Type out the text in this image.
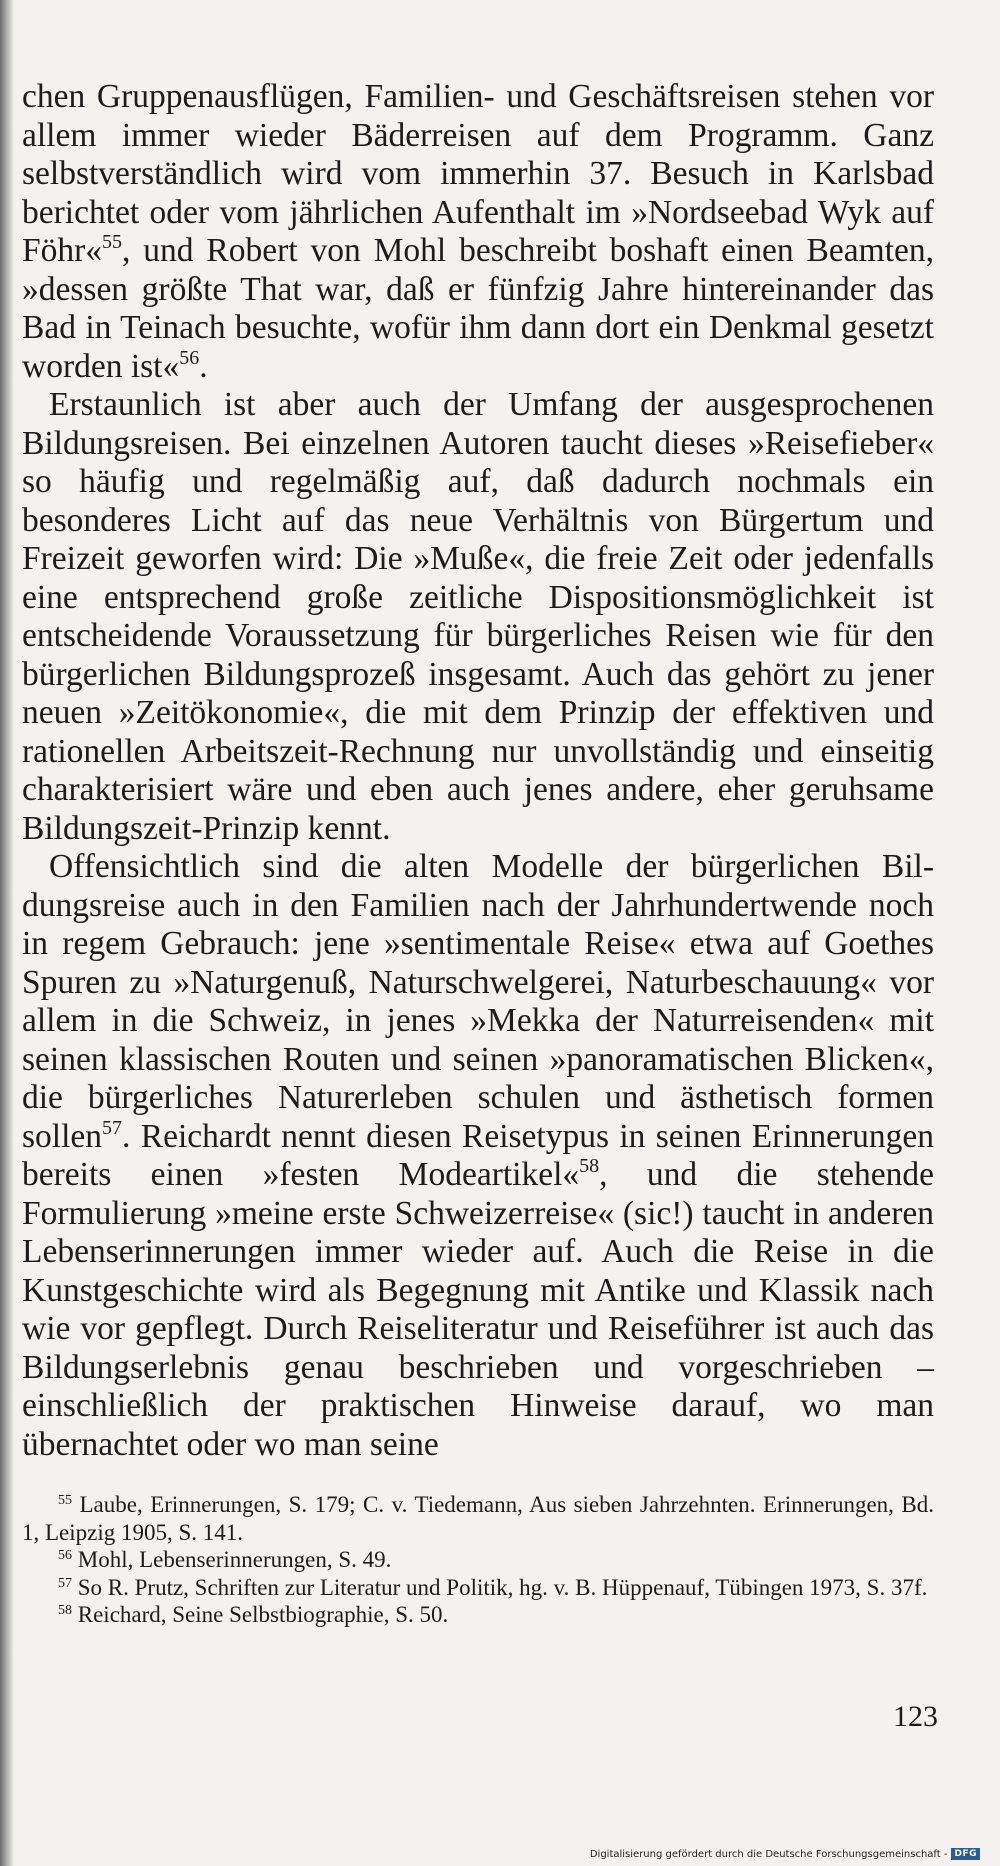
chen Gruppenausflügen, Familien- und Geschäftsreisen stehen vor allem immer wieder Bäderreisen auf dem Programm. Ganz selbstverständlich wird vom immerhin 37. Besuch in Karlsbad berichtet oder vom jährlichen Aufenthalt im »Nordseebad Wyk auf Föhr«$^{55}$, und Robert von Mohl beschreibt boshaft einen Beamten, »dessen größte That war, daß er fünfzig Jahre hintereinander das Bad in Teinach besuchte, wofür ihm dann dort ein Denkmal gesetzt worden ist«$^{56}$.

Erstaunlich ist aber auch der Umfang der ausgesprochenen Bildungsreisen. Bei einzelnen Autoren taucht dieses »Reisefieber« so häufig und regelmäßig auf, daß dadurch nochmals ein besonderes Licht auf das neue Verhältnis von Bürgertum und Freizeit geworfen wird: Die »Muße«, die freie Zeit oder jedenfalls eine entsprechend große zeitliche Dispositionsmöglichkeit ist entscheidende Voraussetzung für bürgerliches Reisen wie für den bürgerlichen Bildungsprozeß insgesamt. Auch das gehört zu jener neuen »Zeitökonomie«, die mit dem Prinzip der effektiven und rationellen Arbeitszeit-Rechnung nur unvollständig und einseitig charakterisiert wäre und eben auch jenes andere, eher geruhsame Bildungszeit-Prinzip kennt.

Offensichtlich sind die alten Modelle der bürgerlichen Bildungsreise auch in den Familien nach der Jahrhundertwende noch in regem Gebrauch: jene »sentimentale Reise« etwa auf Goethes Spuren zu »Naturgenuß, Naturschwelgerei, Naturbeschauung« vor allem in die Schweiz, in jenes »Mekka der Naturreisenden« mit seinen klassischen Routen und seinen »panoramatischen Blicken«, die bürgerliches Naturerleben schulen und ästhetisch formen sollen$^{57}$. Reichardt nennt diesen Reisetypus in seinen Erinnerungen bereits einen »festen Modeartikel«$^{58}$, und die stehende Formulierung »meine erste Schweizerreise« (sic!) taucht in anderen Lebenserinnerungen immer wieder auf. Auch die Reise in die Kunstgeschichte wird als Begegnung mit Antike und Klassik nach wie vor gepflegt. Durch Reiseliteratur und Reiseführer ist auch das Bildungserlebnis genau beschrieben und vorgeschrieben – einschließlich der praktischen Hinweise darauf, wo man übernachtet oder wo man seine

$^{55}$ Laube, Erinnerungen, S. 179; C. v. Tiedemann, Aus sieben Jahrzehnten. Erinnerungen, Bd. 1, Leipzig 1905, S. 141.

$^{56}$ Mohl, Lebenserinnerungen, S. 49.

$^{57}$ So R. Prutz, Schriften zur Literatur und Politik, hg. v. B. Hüppenauf, Tübingen 1973, S. 37f.

$^{58}$ Reichard, Seine Selbstbiographie, S. 50.

123
Digitalisierung gefördert durch die Deutsche Forschungsgemeinschaft - DFG
